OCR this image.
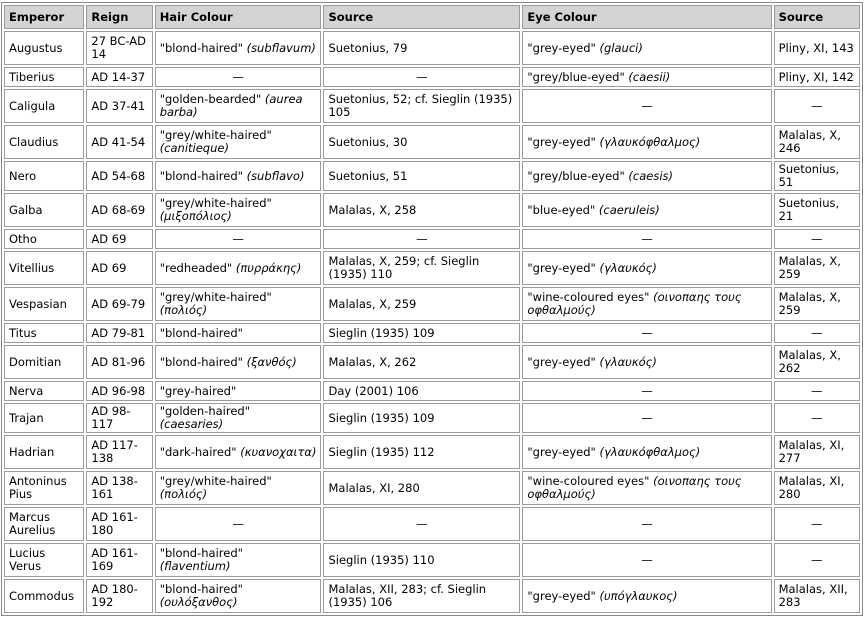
Emperor	Reign	Hair Colour	Source	Eye Colour	Source
Augustus	27 BC-AD 14	"blond-haired" (subflavum)	Suetonius, 79	"grey-eyed" (glauci)	Pliny, XI, 143
Tiberius	AD 14-37	—	—	"grey/blue-eyed" (caesii)	Pliny, XI, 142
Caligula	AD 37-41	"golden-bearded" (aurea barba)	Suetonius, 52; cf. Sieglin (1935) 105	—	—
Claudius	AD 41-54	"grey/white-haired" (canitieque)	Suetonius, 30	"grey-eyed" (γλαυκόφθαλμος)	Malalas, X, 246
Nero	AD 54-68	"blond-haired" (subflavo)	Suetonius, 51	"grey/blue-eyed" (caesis)	Suetonius, 51
Galba	AD 68-69	"grey/white-haired" (μιξοπόλιος)	Malalas, X, 258	"blue-eyed" (caeruleis)	Suetonius, 21
Otho	AD 69	—	—	—	—
Vitellius	AD 69	"redheaded" (πυρράκης)	Malalas, X, 259; cf. Sieglin (1935) 110	"grey-eyed" (γλαυκός)	Malalas, X, 259
Vespasian	AD 69-79	"grey/white-haired" (πολιός)	Malalas, X, 259	"wine-coloured eyes" (οινοπαης τους οφθαλμούς)	Malalas, X, 259
Titus	AD 79-81	"blond-haired"	Sieglin (1935) 109	—	—
Domitian	AD 81-96	"blond-haired" (ξανθός)	Malalas, X, 262	"grey-eyed" (γλαυκός)	Malalas, X, 262
Nerva	AD 96-98	"grey-haired"	Day (2001) 106	—	—
Trajan	AD 98-117	"golden-haired" (caesaries)	Sieglin (1935) 109	—	—
Hadrian	AD 117-138	"dark-haired" (κυανοχαιτα)	Sieglin (1935) 112	"grey-eyed" (γλαυκόφθαλμος)	Malalas, XI, 277
Antoninus Pius	AD 138-161	"grey/white-haired" (πολιός)	Malalas, XI, 280	"wine-coloured eyes" (οινοπαης τους οφθαλμούς)	Malalas, XI, 280
Marcus Aurelius	AD 161-180	—	—	—	—
Lucius Verus	AD 161-169	"blond-haired" (flaventium)	Sieglin (1935) 110	—	—
Commodus	AD 180-192	"blond-haired" (ουλόξανθος)	Malalas, XII, 283; cf. Sieglin (1935) 106	"grey-eyed" (υπόγλαυκος)	Malalas, XII, 283
